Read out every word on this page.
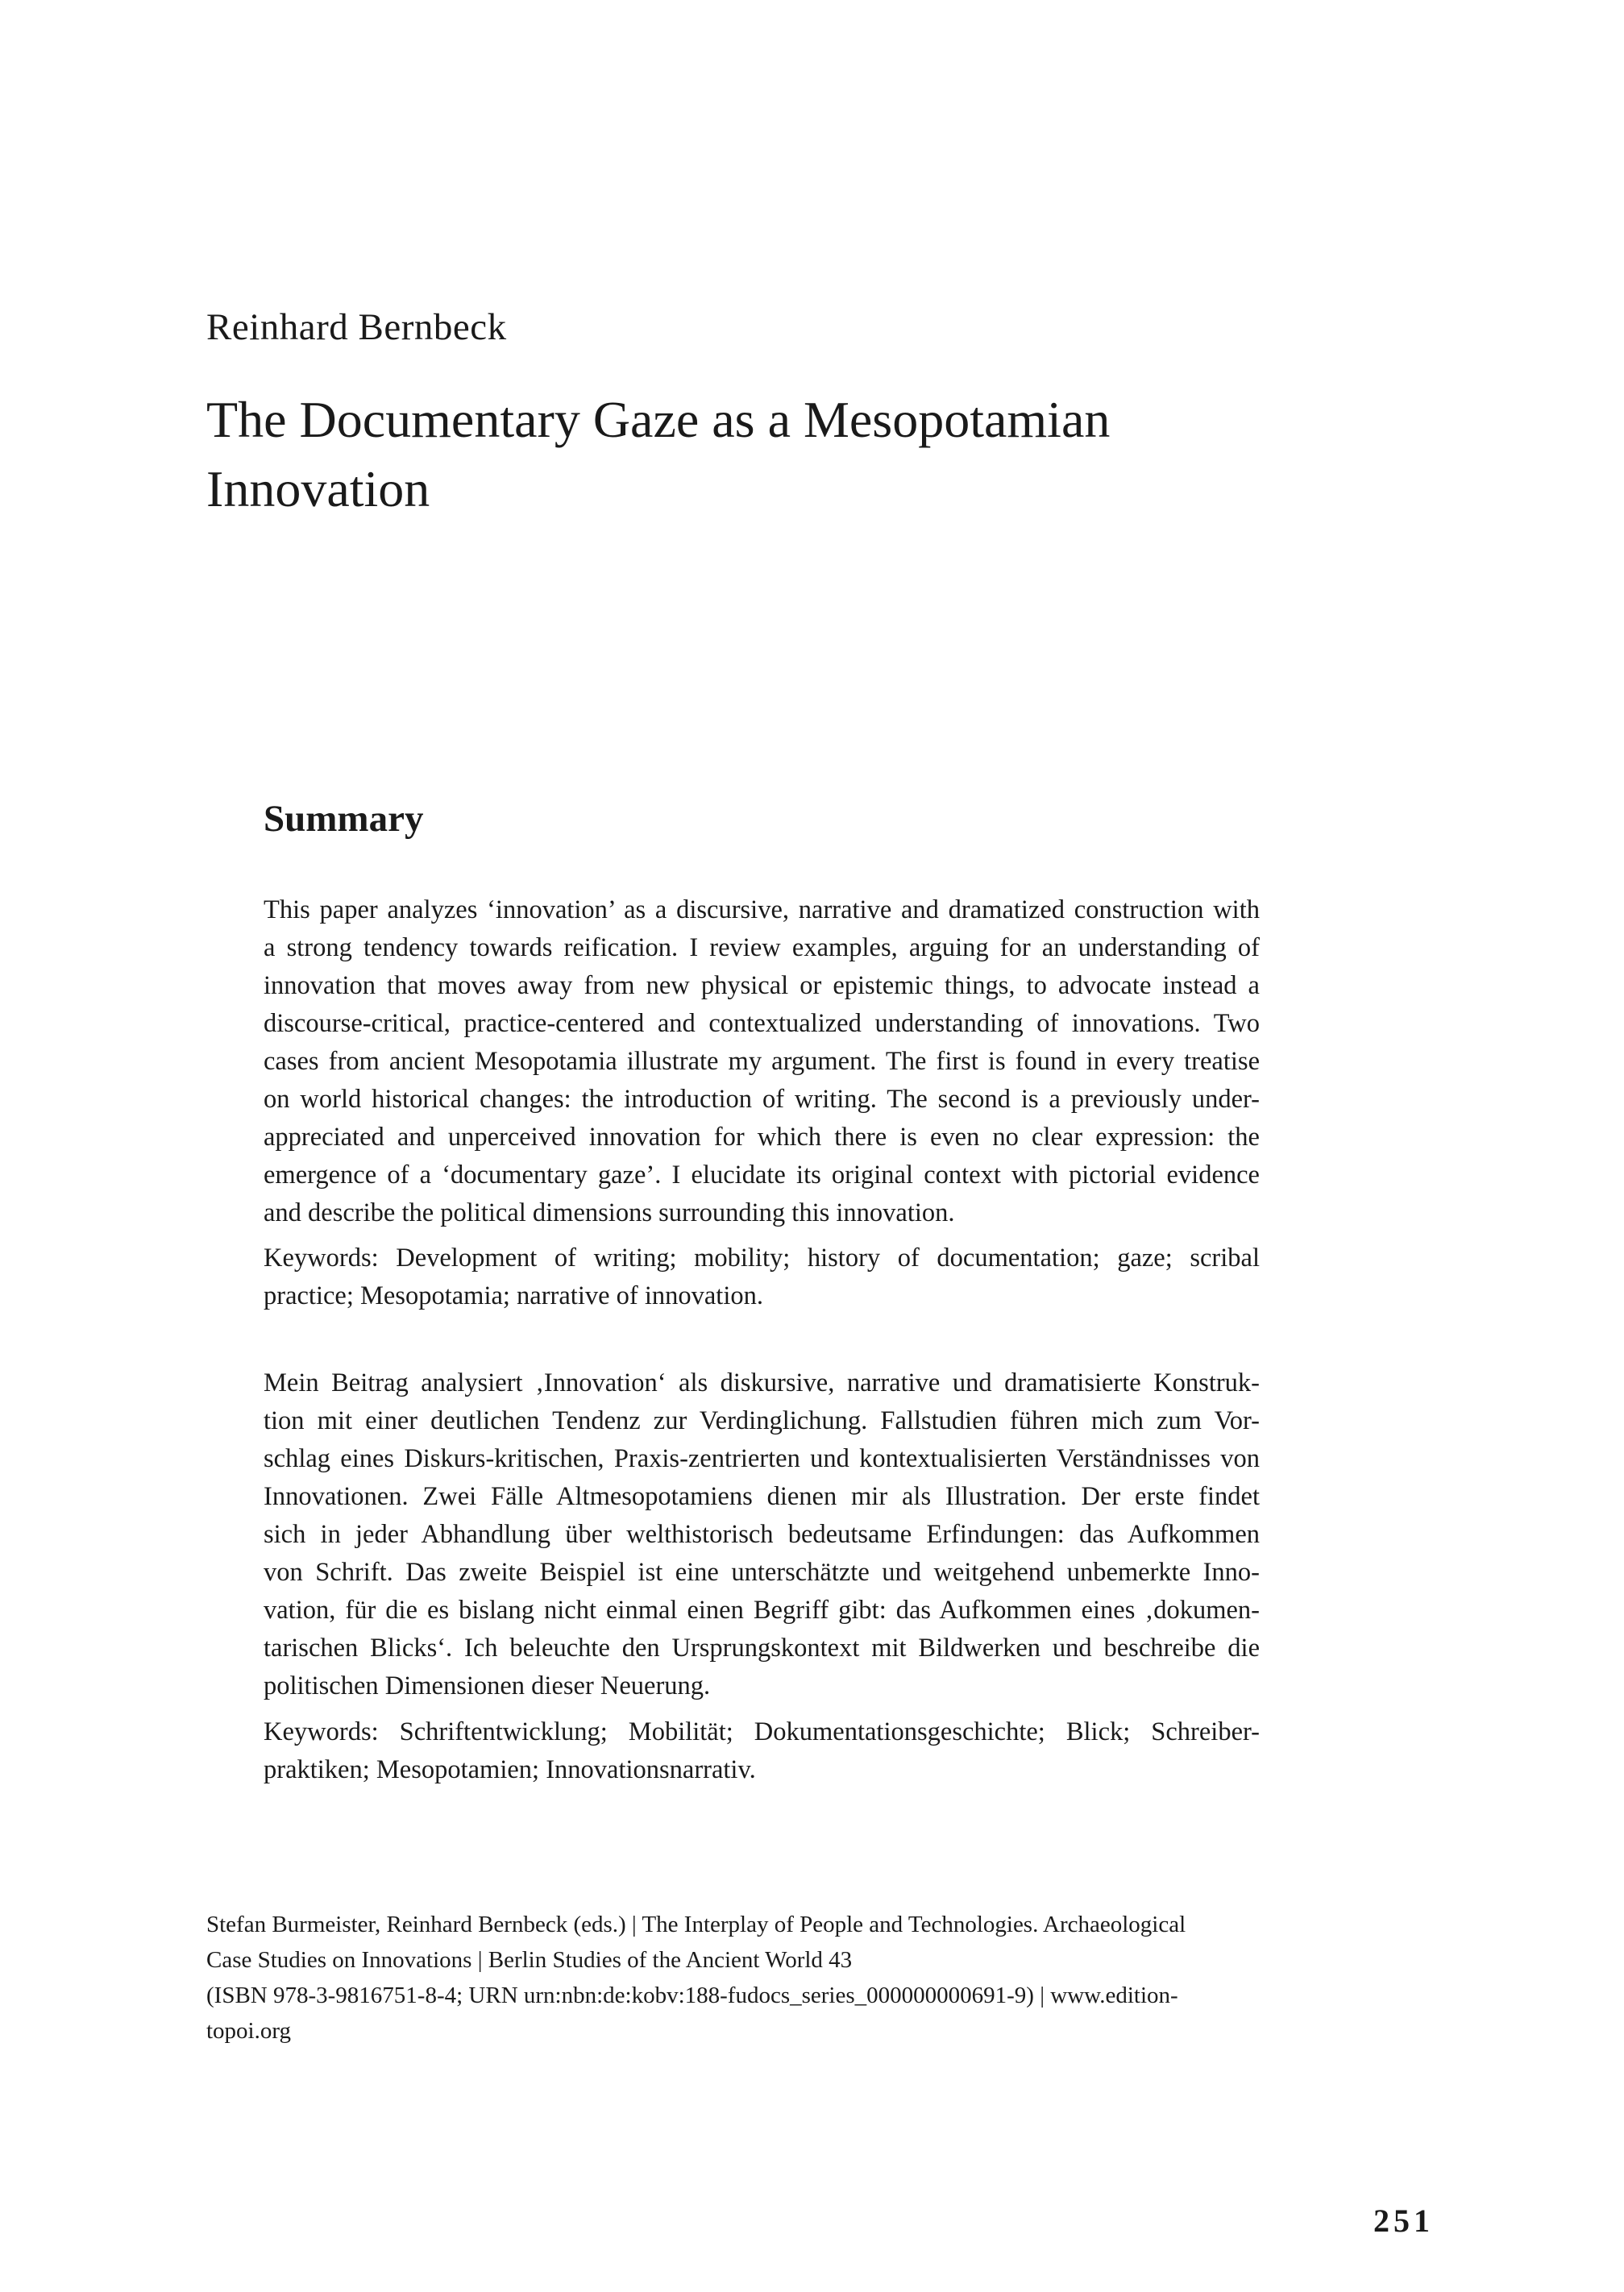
Reinhard Bernbeck
The Documentary Gaze as a Mesopotamian
Innovation
Summary
This paper analyzes ‘innovation’ as a discursive, narrative and dramatized construction with
a strong tendency towards reification. I review examples, arguing for an understanding of
innovation that moves away from new physical or epistemic things, to advocate instead a
discourse-critical, practice-centered and contextualized understanding of innovations. Two
cases from ancient Mesopotamia illustrate my argument. The first is found in every treatise
on world historical changes: the introduction of writing. The second is a previously under-
appreciated and unperceived innovation for which there is even no clear expression: the
emergence of a ‘documentary gaze’. I elucidate its original context with pictorial evidence
and describe the political dimensions surrounding this innovation.
Keywords: Development of writing; mobility; history of documentation; gaze; scribal
practice; Mesopotamia; narrative of innovation.
Mein Beitrag analysiert ‚Innovation‘ als diskursive, narrative und dramatisierte Konstruk-
tion mit einer deutlichen Tendenz zur Verdinglichung. Fallstudien führen mich zum Vor-
schlag eines Diskurs-kritischen, Praxis-zentrierten und kontextualisierten Verständnisses von
Innovationen. Zwei Fälle Altmesopotamiens dienen mir als Illustration. Der erste findet
sich in jeder Abhandlung über welthistorisch bedeutsame Erfindungen: das Aufkommen
von Schrift. Das zweite Beispiel ist eine unterschätzte und weitgehend unbemerkte Inno-
vation, für die es bislang nicht einmal einen Begriff gibt: das Aufkommen eines ‚dokumen-
tarischen Blicks‘. Ich beleuchte den Ursprungskontext mit Bildwerken und beschreibe die
politischen Dimensionen dieser Neuerung.
Keywords: Schriftentwicklung; Mobilität; Dokumentationsgeschichte; Blick; Schreiber-
praktiken; Mesopotamien; Innovationsnarrativ.
Stefan Burmeister, Reinhard Bernbeck (eds.) | The Interplay of People and Technologies. Archaeological
Case Studies on Innovations | Berlin Studies of the Ancient World 43
(ISBN 978-3-9816751-8-4; URN urn:nbn:de:kobv:188-fudocs_series_000000000691-9) | www.edition-
topoi.org
251
